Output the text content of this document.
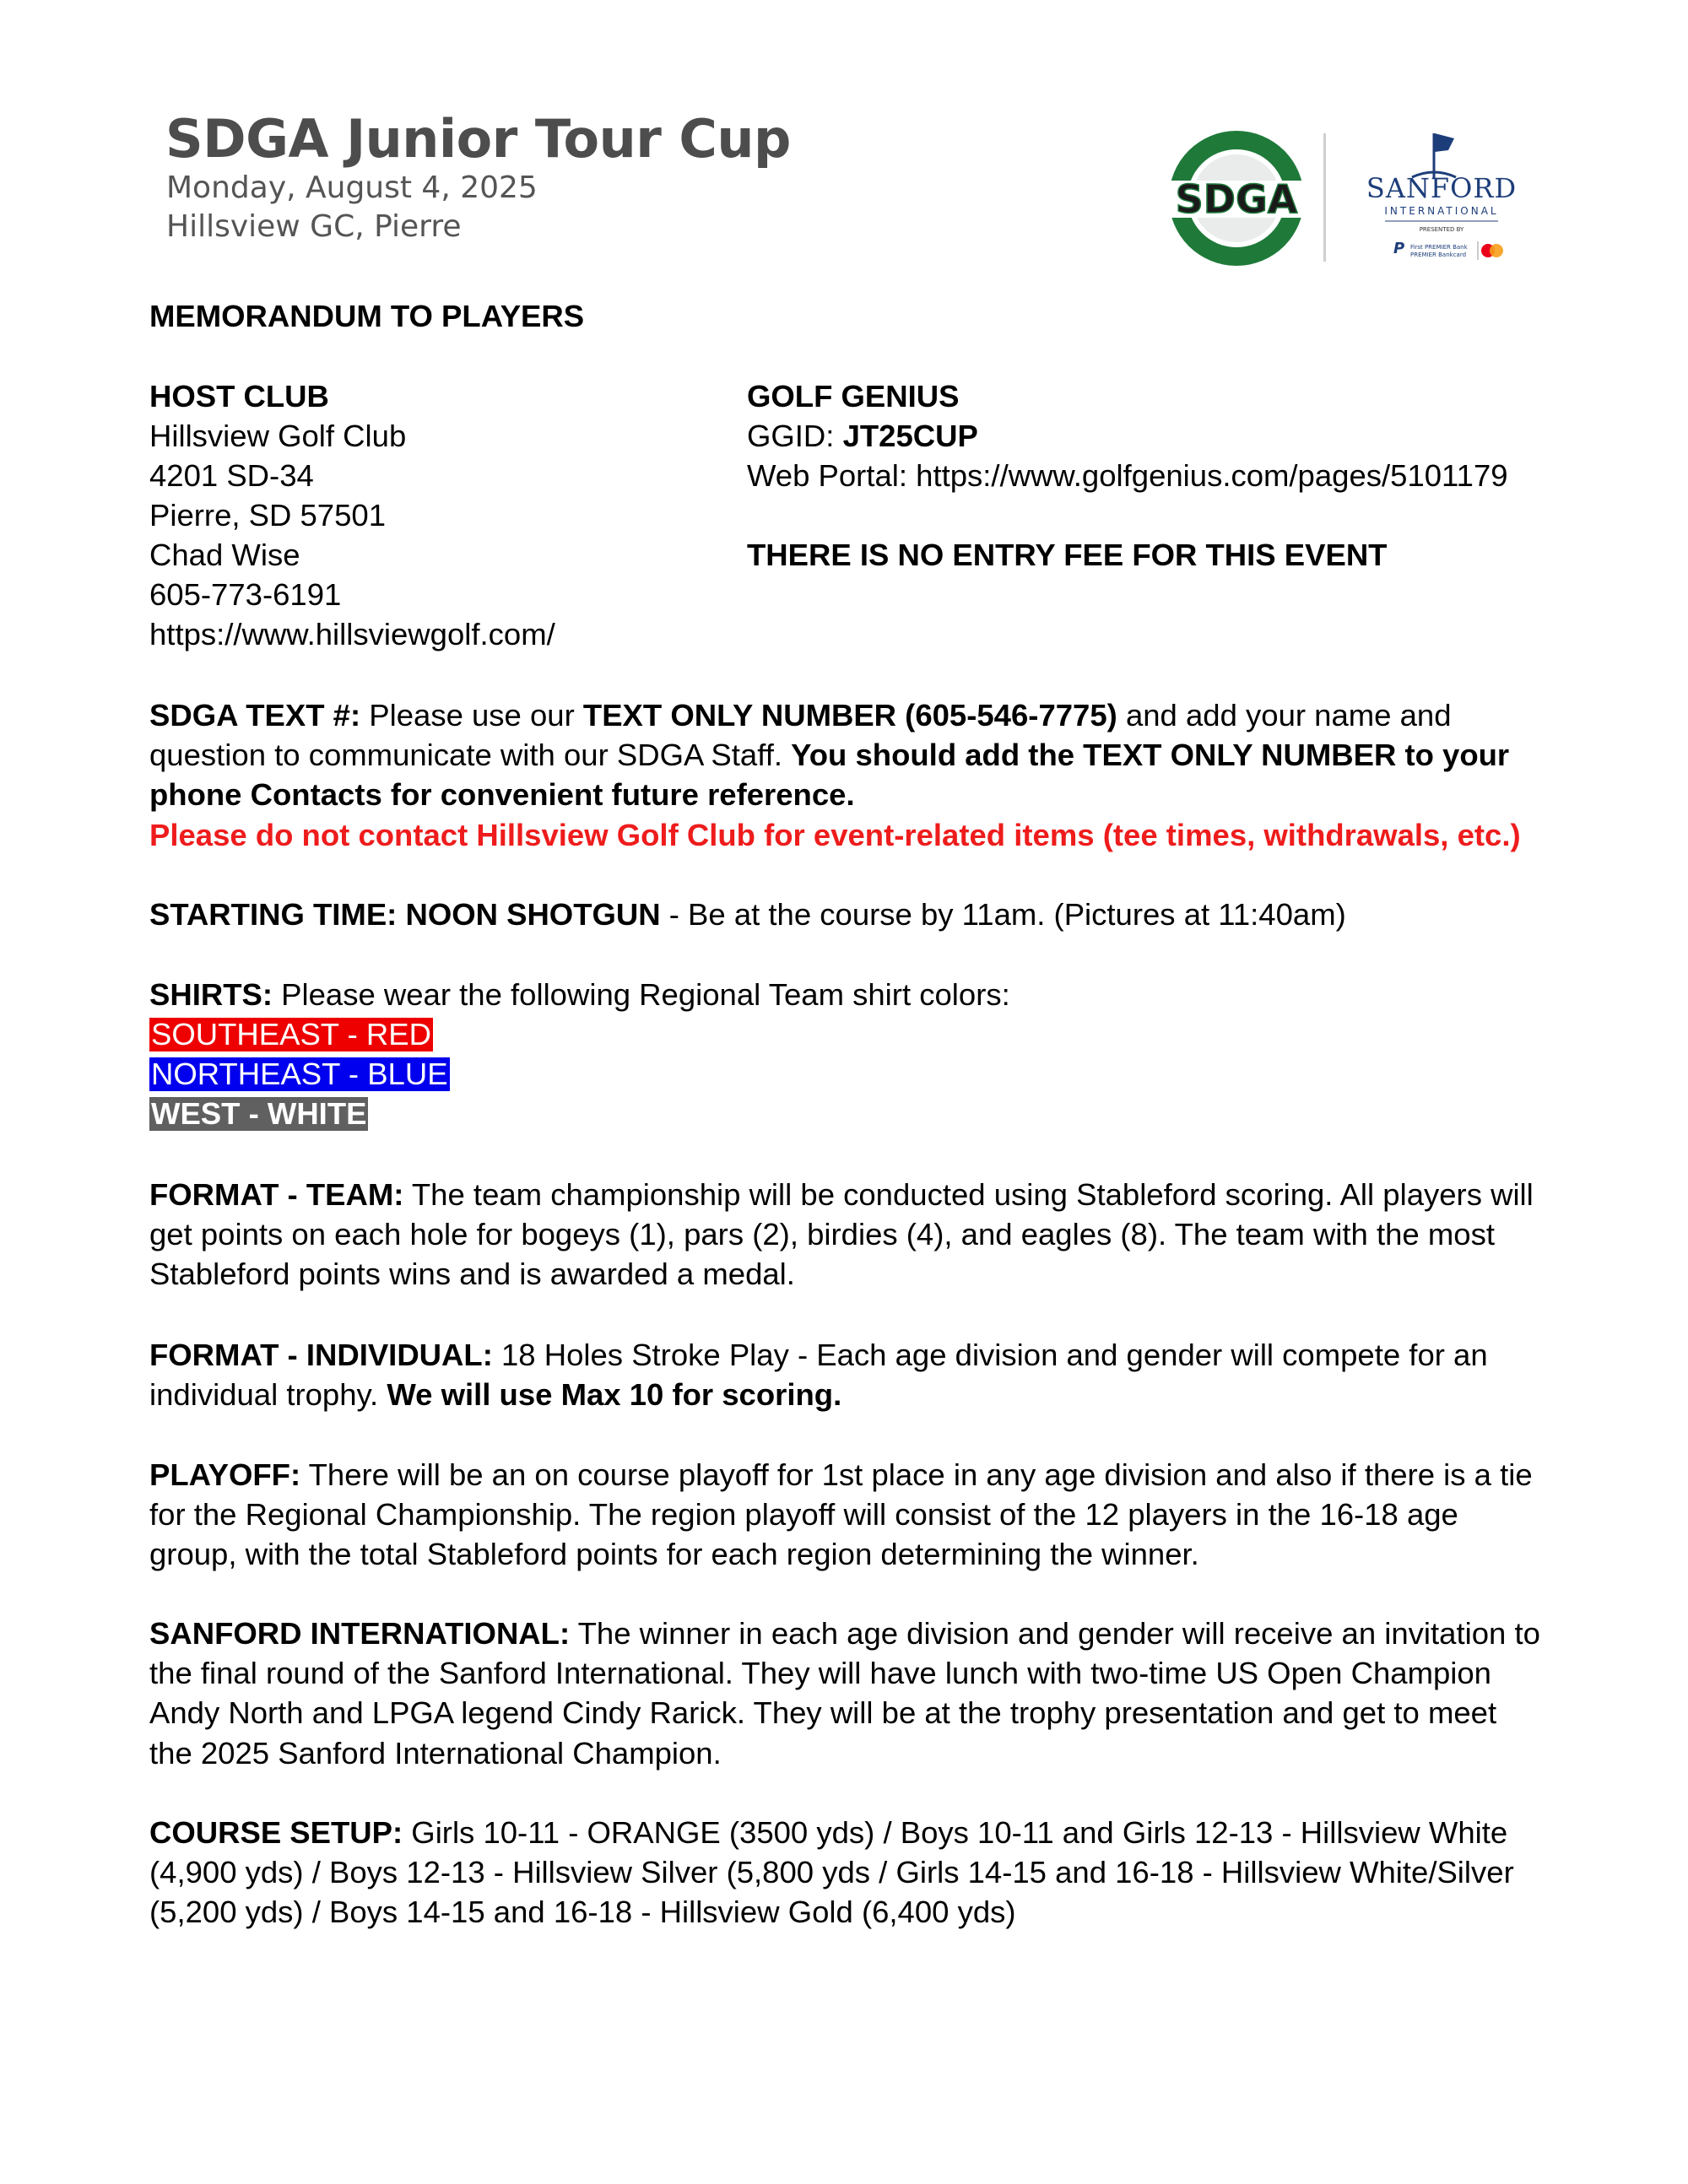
SDGA Junior Tour Cup
Monday, August 4, 2025
Hillsview GC, Pierre
SDGA	SANFORD
INTERNATIONAL
PRESENTED BY
P First PREMIER Bank
PREMIER Bankcard
MEMORANDUM TO PLAYERS
HOST CLUB
Hillsview Golf Club
4201 SD-34
Pierre, SD 57501
Chad Wise
605-773-6191
https://www.hillsviewgolf.com/
GOLF GENIUS
GGID: JT25CUP
Web Portal: https://www.golfgenius.com/pages/5101179
THERE IS NO ENTRY FEE FOR THIS EVENT
SDGA TEXT #: Please use our TEXT ONLY NUMBER (605-546-7775) and add your name and question to communicate with our SDGA Staff. You should add the TEXT ONLY NUMBER to your phone Contacts for convenient future reference.
Please do not contact Hillsview Golf Club for event-related items (tee times, withdrawals, etc.)
STARTING TIME: NOON SHOTGUN - Be at the course by 11am. (Pictures at 11:40am)
SHIRTS: Please wear the following Regional Team shirt colors:
SOUTHEAST - RED
NORTHEAST - BLUE
WEST - WHITE
FORMAT - TEAM: The team championship will be conducted using Stableford scoring. All players will get points on each hole for bogeys (1), pars (2), birdies (4), and eagles (8). The team with the most Stableford points wins and is awarded a medal.
FORMAT - INDIVIDUAL: 18 Holes Stroke Play - Each age division and gender will compete for an individual trophy. We will use Max 10 for scoring.
PLAYOFF: There will be an on course playoff for 1st place in any age division and also if there is a tie for the Regional Championship. The region playoff will consist of the 12 players in the 16-18 age group, with the total Stableford points for each region determining the winner.
SANFORD INTERNATIONAL: The winner in each age division and gender will receive an invitation to the final round of the Sanford International. They will have lunch with two-time US Open Champion Andy North and LPGA legend Cindy Rarick. They will be at the trophy presentation and get to meet the 2025 Sanford International Champion.
COURSE SETUP: Girls 10-11 - ORANGE (3500 yds) / Boys 10-11 and Girls 12-13 - Hillsview White (4,900 yds) / Boys 12-13 - Hillsview Silver (5,800 yds / Girls 14-15 and 16-18 - Hillsview White/Silver (5,200 yds) / Boys 14-15 and 16-18 - Hillsview Gold (6,400 yds)
